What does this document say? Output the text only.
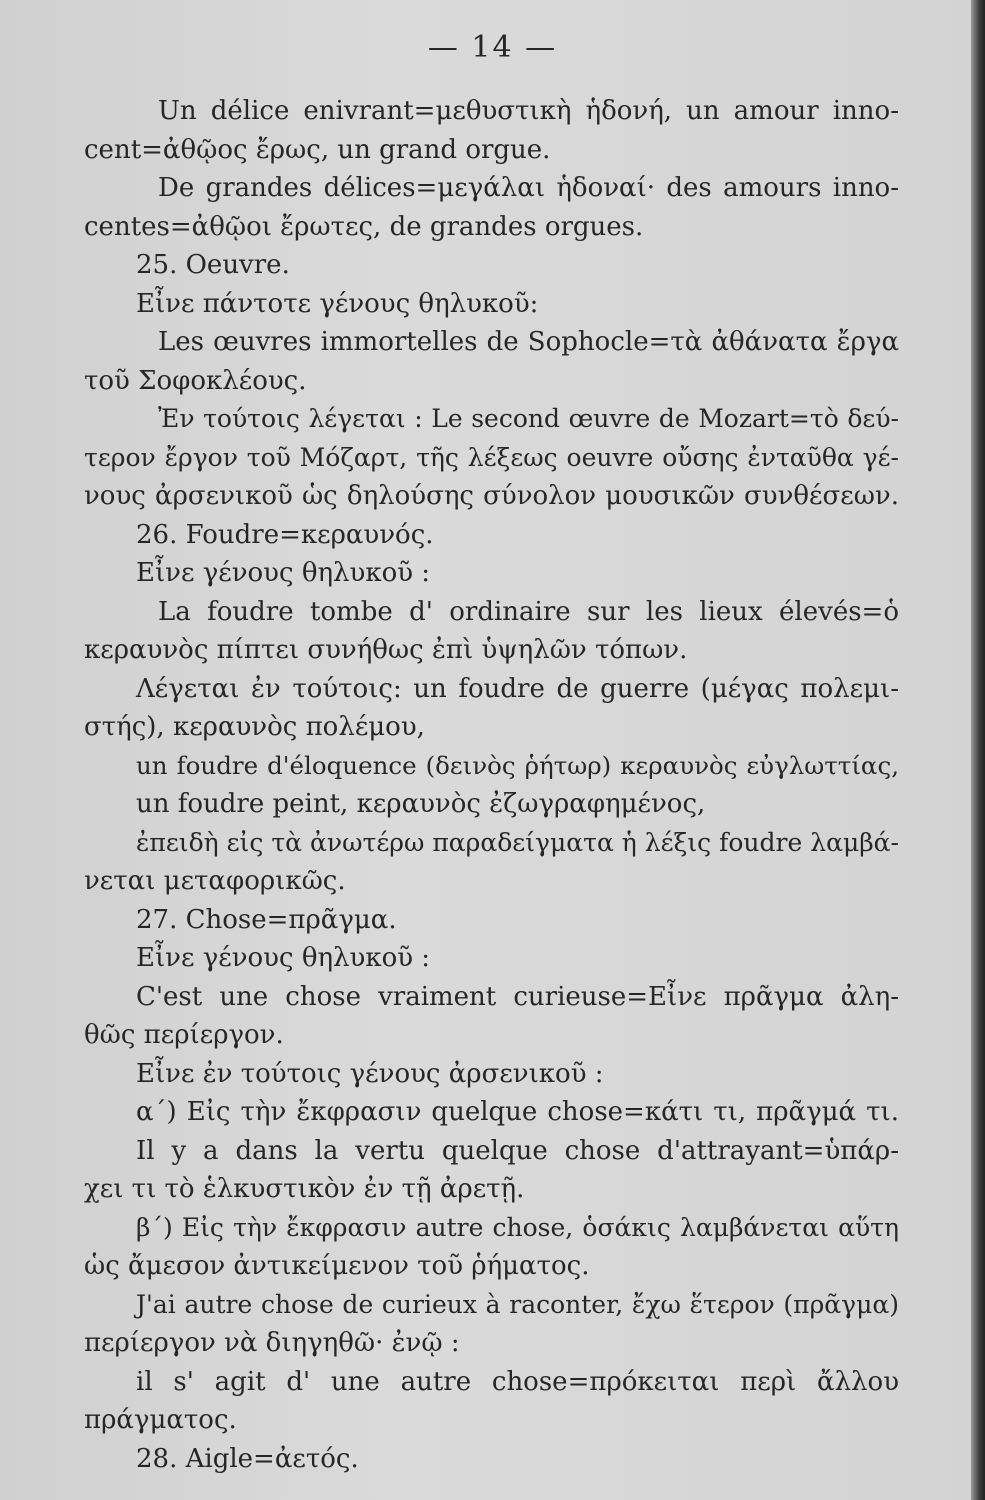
— 14 —
Un délice enivrant=μεθυστικὴ ἡδονή, un amour inno-
cent=ἀθῷος ἔρως, un grand orgue.
De grandes délices=μεγάλαι ἡδοναί· des amours inno-
centes=ἀθῷοι ἔρωτες, de grandes orgues.
25. Oeuvre.
Εἶνε πάντοτε γένους θηλυκοῦ:
Les œuvres immortelles de Sophocle=τὰ ἀθάνατα ἔργα
τοῦ Σοφοκλέους.
Ἐν τούτοις λέγεται : Le second œuvre de Mozart=τὸ δεύ-
τερον ἔργον τοῦ Μόζαρτ, τῆς λέξεως oeuvre οὔσης ἐνταῦθα γέ-
νους ἀρσενικοῦ ὡς δηλούσης σύνολον μουσικῶν συνθέσεων.
26. Foudre=κεραυνός.
Εἶνε γένους θηλυκοῦ :
La foudre tombe d' ordinaire sur les lieux élevés=ὁ
κεραυνὸς πίπτει συνήθως ἐπὶ ὑψηλῶν τόπων.
Λέγεται ἐν τούτοις: un foudre de guerre (μέγας πολεμι-
στής), κεραυνὸς πολέμου,
un foudre d'éloquence (δεινὸς ῥήτωρ) κεραυνὸς εὐγλωττίας,
un foudre peint, κεραυνὸς ἐζωγραφημένος,
ἐπειδὴ εἰς τὰ ἀνωτέρω παραδείγματα ἡ λέξις foudre λαμβά-
νεται μεταφορικῶς.
27. Chose=πρᾶγμα.
Εἶνε γένους θηλυκοῦ :
C'est une chose vraiment curieuse=Εἶνε πρᾶγμα ἀλη-
θῶς περίεργον.
Εἶνε ἐν τούτοις γένους ἀρσενικοῦ :
α΄) Εἰς τὴν ἔκφρασιν quelque chose=κάτι τι, πρᾶγμά τι.
Il y a dans la vertu quelque chose d'attrayant=ὑπάρ-
χει τι τὸ ἑλκυστικὸν ἐν τῇ ἀρετῇ.
β΄) Εἰς τὴν ἔκφρασιν autre chose, ὁσάκις λαμβάνεται αὕτη
ὡς ἄμεσον ἀντικείμενον τοῦ ῥήματος.
J'ai autre chose de curieux à raconter, ἔχω ἕτερον (πρᾶγμα)
περίεργον νὰ διηγηθῶ· ἐνῷ :
il s' agit d' une autre chose=πρόκειται περὶ ἄλλου
πράγματος.
28. Aigle=ἀετός.
